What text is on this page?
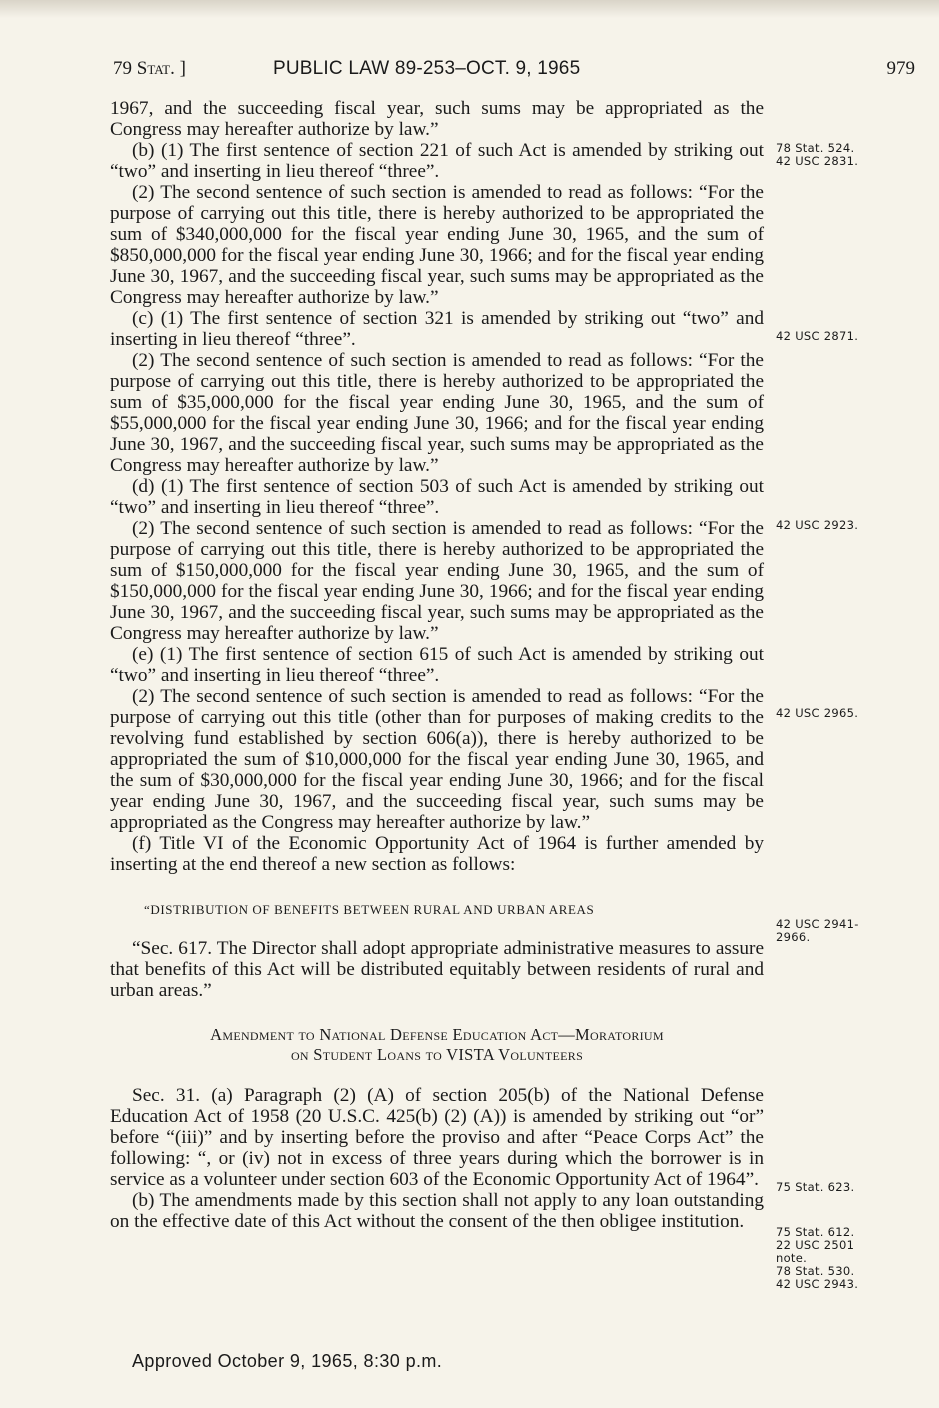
79 Stat. ]	PUBLIC LAW 89-253–OCT. 9, 1965	979

1967, and the succeeding fiscal year, such sums may be appropriated as the Congress may hereafter authorize by law.”

(b) (1) The first sentence of section 221 of such Act is amended by striking out “two” and inserting in lieu thereof “three”.

(2) The second sentence of such section is amended to read as follows: “For the purpose of carrying out this title, there is hereby authorized to be appropriated the sum of $340,000,000 for the fiscal year ending June 30, 1965, and the sum of $850,000,000 for the fiscal year ending June 30, 1966; and for the fiscal year ending June 30, 1967, and the succeeding fiscal year, such sums may be appropriated as the Congress may hereafter authorize by law.”

(c) (1) The first sentence of section 321 is amended by striking out “two” and inserting in lieu thereof “three”.

(2) The second sentence of such section is amended to read as follows: “For the purpose of carrying out this title, there is hereby authorized to be appropriated the sum of $35,000,000 for the fiscal year ending June 30, 1965, and the sum of $55,000,000 for the fiscal year ending June 30, 1966; and for the fiscal year ending June 30, 1967, and the succeeding fiscal year, such sums may be appropriated as the Congress may hereafter authorize by law.”

(d) (1) The first sentence of section 503 of such Act is amended by striking out “two” and inserting in lieu thereof “three”.

(2) The second sentence of such section is amended to read as follows: “For the purpose of carrying out this title, there is hereby authorized to be appropriated the sum of $150,000,000 for the fiscal year ending June 30, 1965, and the sum of $150,000,000 for the fiscal year ending June 30, 1966; and for the fiscal year ending June 30, 1967, and the succeeding fiscal year, such sums may be appropriated as the Congress may hereafter authorize by law.”

(e) (1) The first sentence of section 615 of such Act is amended by striking out “two” and inserting in lieu thereof “three”.

(2) The second sentence of such section is amended to read as follows: “For the purpose of carrying out this title (other than for purposes of making credits to the revolving fund established by section 606(a)), there is hereby authorized to be appropriated the sum of $10,000,000 for the fiscal year ending June 30, 1965, and the sum of $30,000,000 for the fiscal year ending June 30, 1966; and for the fiscal year ending June 30, 1967, and the succeeding fiscal year, such sums may be appropriated as the Congress may hereafter authorize by law.”

(f) Title VI of the Economic Opportunity Act of 1964 is further amended by inserting at the end thereof a new section as follows:

“DISTRIBUTION OF BENEFITS BETWEEN RURAL AND URBAN AREAS

“Sec. 617. The Director shall adopt appropriate administrative measures to assure that benefits of this Act will be distributed equitably between residents of rural and urban areas.”

Amendment to National Defense Education Act—Moratorium

on Student Loans to VISTA Volunteers

Sec. 31. (a) Paragraph (2) (A) of section 205(b) of the National Defense Education Act of 1958 (20 U.S.C. 425(b) (2) (A)) is amended by striking out “or” before “(iii)” and by inserting before the proviso and after “Peace Corps Act” the following: “, or (iv) not in excess of three years during which the borrower is in service as a volunteer under section 603 of the Economic Opportunity Act of 1964”.

(b) The amendments made by this section shall not apply to any loan outstanding on the effective date of this Act without the consent of the then obligee institution.

78 Stat. 524.
42 USC 2831.
42 USC 2871.
42 USC 2923.
42 USC 2965.
42 USC 2941-
2966.
75 Stat. 623.
75 Stat. 612.
22 USC 2501
note.
78 Stat. 530.
42 USC 2943.
Approved October 9, 1965, 8:30 p.m.
